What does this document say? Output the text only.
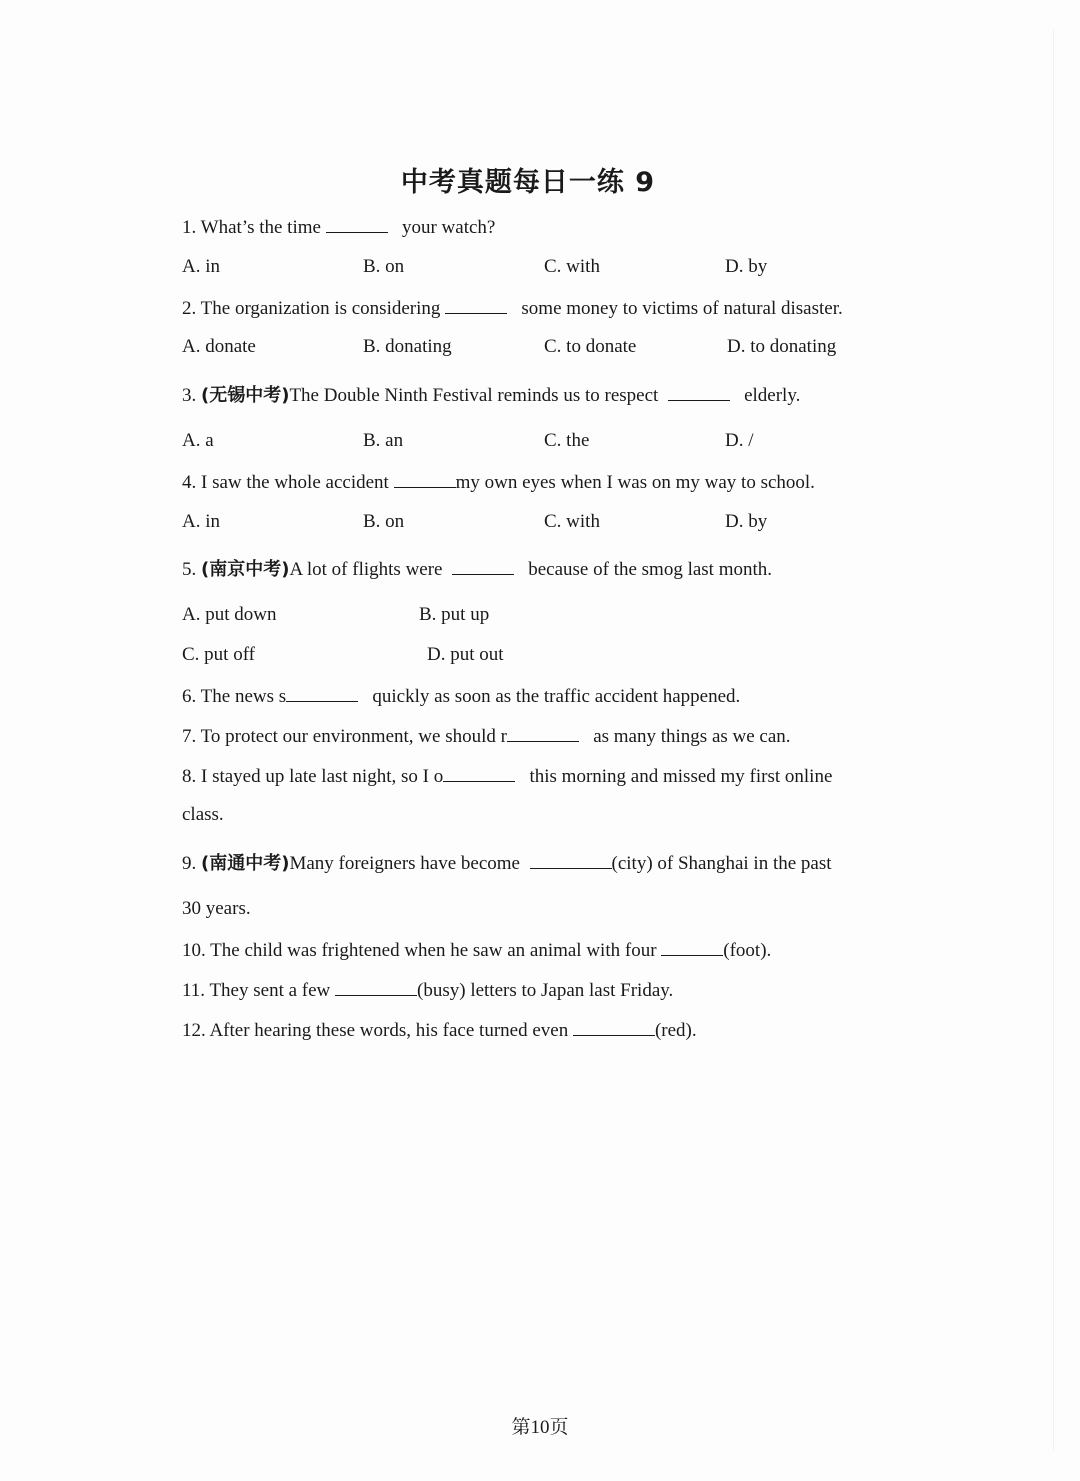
中考真题每日一练 9
1. What’s the time	your watch?
A. in	B. on	C. with	D. by
2. The organization is considering	some money to victims of natural disaster.
A. donate	B. donating	C. to donate	D. to donating
3. (无锡中考)The Double Ninth Festival reminds us to respect	elderly.
A. a	B. an	C. the	D. /
4. I saw the whole accident	my own eyes when I was on my way to school.
A. in	B. on	C. with	D. by
5. (南京中考)A lot of flights were	because of the smog last month.
A. put down	B. put up
C. put off	D. put out
6. The news s	quickly as soon as the traffic accident happened.
7. To protect our environment, we should r	as many things as we can.
8. I stayed up late last night, so I o	this morning and missed my first online
class.
9. (南通中考)Many foreigners have become	(city) of Shanghai in the past
30 years.
10. The child was frightened when he saw an animal with four	(foot).
11. They sent a few	(busy) letters to Japan last Friday.
12. After hearing these words, his face turned even	(red).
第10页
